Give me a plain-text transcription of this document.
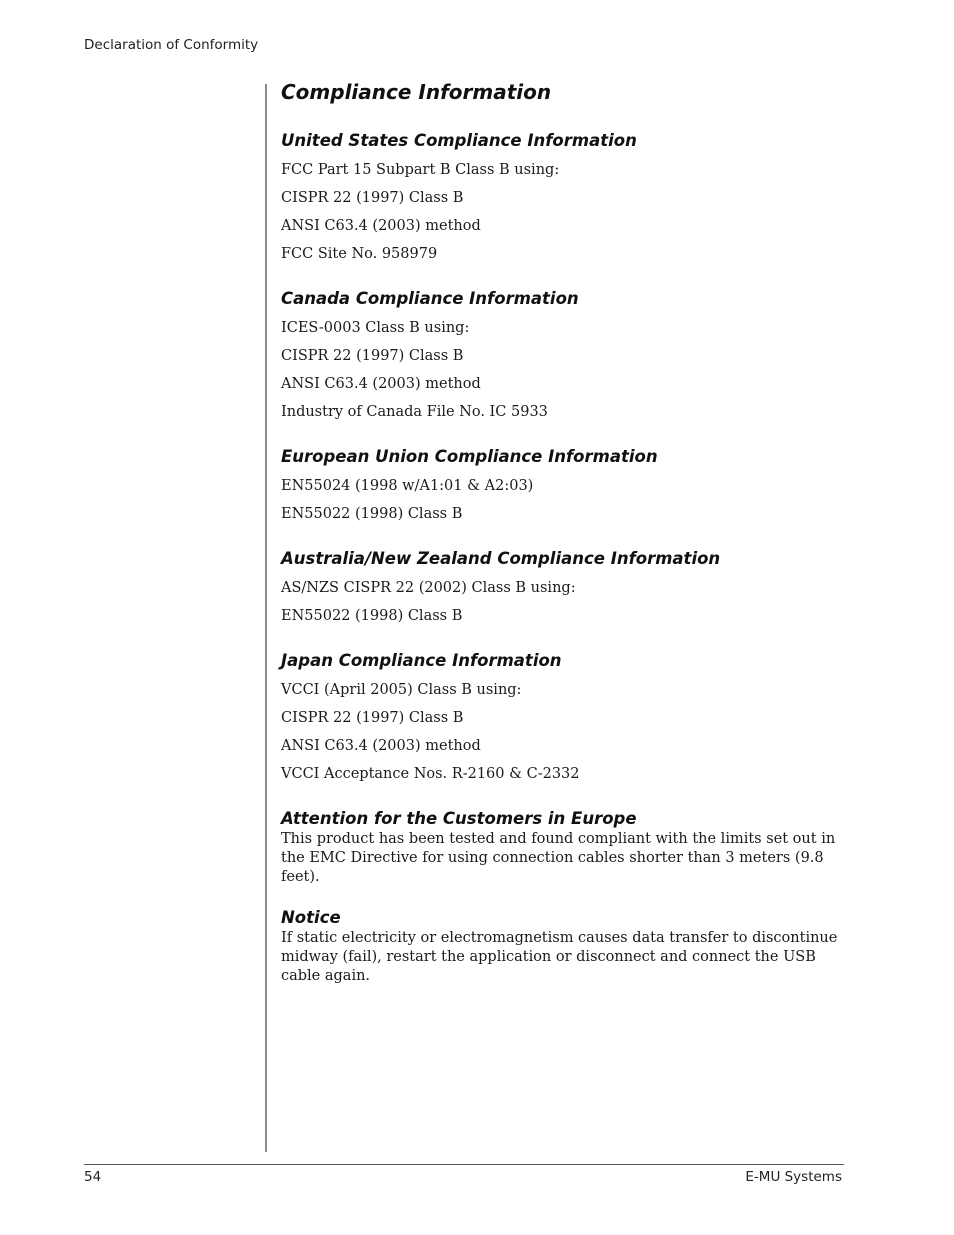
Declaration of Conformity
Compliance Information
United States Compliance Information

FCC Part 15 Subpart B Class B using:

CISPR 22 (1997) Class B

ANSI C63.4 (2003) method

FCC Site No. 958979

Canada Compliance Information

ICES-0003 Class B using:

CISPR 22 (1997) Class B

ANSI C63.4 (2003) method

Industry of Canada File No. IC 5933

European Union Compliance Information

EN55024 (1998 w/A1:01 & A2:03)

EN55022 (1998) Class B

Australia/New Zealand Compliance Information

AS/NZS CISPR 22 (2002) Class B using:

EN55022 (1998) Class B

Japan Compliance Information

VCCI (April 2005) Class B using:

CISPR 22 (1997) Class B

ANSI C63.4 (2003) method

VCCI Acceptance Nos. R-2160 & C-2332

Attention for the Customers in Europe

This product has been tested and found compliant with the limits set out in the EMC Directive for using connection cables shorter than 3 meters (9.8 feet).

Notice

If static electricity or electromagnetism causes data transfer to discontinue midway (fail), restart the application or disconnect and connect the USB cable again.

54	E-MU Systems
